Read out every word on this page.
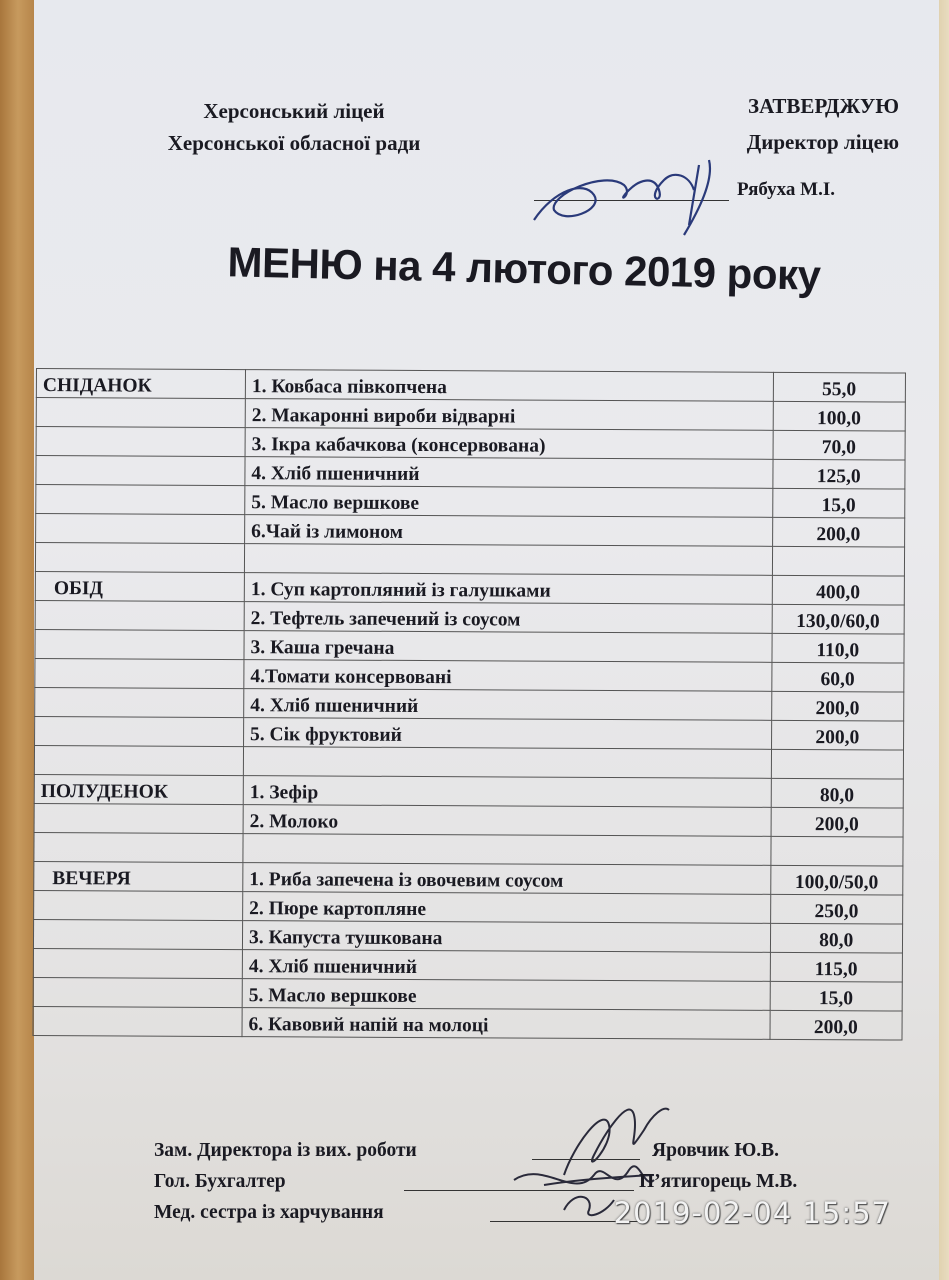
Херсонський ліцей
Херсонської обласної ради
ЗАТВЕРДЖУЮ
Директор ліцею
Рябуха М.І.
МЕНЮ на 4 лютого 2019 року
СНІДАНОК	1. Ковбаса півкопчена	55,0
	2. Макаронні вироби відварні	100,0
	3. Ікра кабачкова (консервована)	70,0
	4. Хліб пшеничний	125,0
	5. Масло вершкове	15,0
	6.Чай із лимоном	200,0

ОБІД	1. Суп картопляний із галушками	400,0
	2. Тефтель запечений із соусом	130,0/60,0
	3. Каша гречана	110,0
	4.Томати консервовані	60,0
	4. Хліб пшеничний	200,0
	5. Сік фруктовий	200,0

ПОЛУДЕНОК	1. Зефір	80,0
	2. Молоко	200,0

ВЕЧЕРЯ	1. Риба запечена із овочевим соусом	100,0/50,0
	2. Пюре картопляне	250,0
	3. Капуста тушкована	80,0
	4. Хліб пшеничний	115,0
	5. Масло вершкове	15,0
	6. Кавовий напій на молоці	200,0
Зам. Директора із вих. роботи	Яровчик Ю.В.
Гол. Бухгалтер	П’ятигорець М.В.
Мед. сестра із харчування	2019-02-04 15:57
